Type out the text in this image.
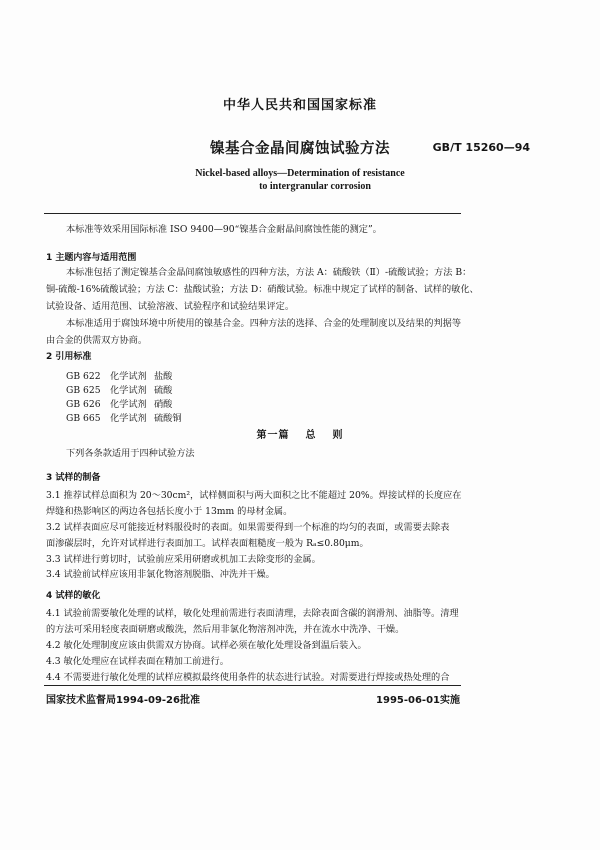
中华人民共和国国家标准
镍基合金晶间腐蚀试验方法	GB/T 15260—94
Nickel-based alloys—Determination of resistance
to intergranular corrosion
本标准等效采用国际标准 ISO 9400—90“镍基合金耐晶间腐蚀性能的测定”。
1 主题内容与适用范围
本标准包括了测定镍基合金晶间腐蚀敏感性的四种方法，方法 A：硫酸铁（Ⅱ）-硫酸试验；方法 B：
铜-硫酸-16%硫酸试验；方法 C：盐酸试验；方法 D：硝酸试验。标准中规定了试样的制备、试样的敏化、
试验设备、适用范围、试验溶液、试验程序和试验结果评定。
本标准适用于腐蚀环境中所使用的镍基合金。四种方法的选择、合金的处理制度以及结果的判据等
由合金的供需双方协商。
2 引用标准
GB 622 化学试剂 盐酸
GB 625 化学试剂 硫酸
GB 626 化学试剂 硝酸
GB 665 化学试剂 硫酸铜
第一篇 总 则
下列各条款适用于四种试验方法
3 试样的制备
3.1 推荐试样总面积为 20～30cm²，试样侧面积与两大面积之比不能超过 20%。焊接试样的长度应在
焊缝和热影响区的两边各包括长度小于 13mm 的母材金属。
3.2 试样表面应尽可能接近材料服役时的表面。如果需要得到一个标准的均匀的表面，或需要去除表
面渗碳层时，允许对试样进行表面加工。试样表面粗糙度一般为 Rₐ≤0.80μm。
3.3 试样进行剪切时，试验前应采用研磨或机加工去除变形的金属。
3.4 试验前试样应该用非氯化物溶剂脱脂、冲洗并干燥。
4 试样的敏化
4.1 试验前需要敏化处理的试样，敏化处理前需进行表面清理，去除表面含碳的润滑剂、油脂等。清理
的方法可采用轻度表面研磨或酸洗，然后用非氯化物溶剂冲洗，并在流水中洗净、干燥。
4.2 敏化处理制度应该由供需双方协商。试样必须在敏化处理设备到温后装入。
4.3 敏化处理应在试样表面在精加工前进行。
4.4 不需要进行敏化处理的试样应模拟最终使用条件的状态进行试验。对需要进行焊接或热处理的合
国家技术监督局1994-09-26批准	1995-06-01实施
